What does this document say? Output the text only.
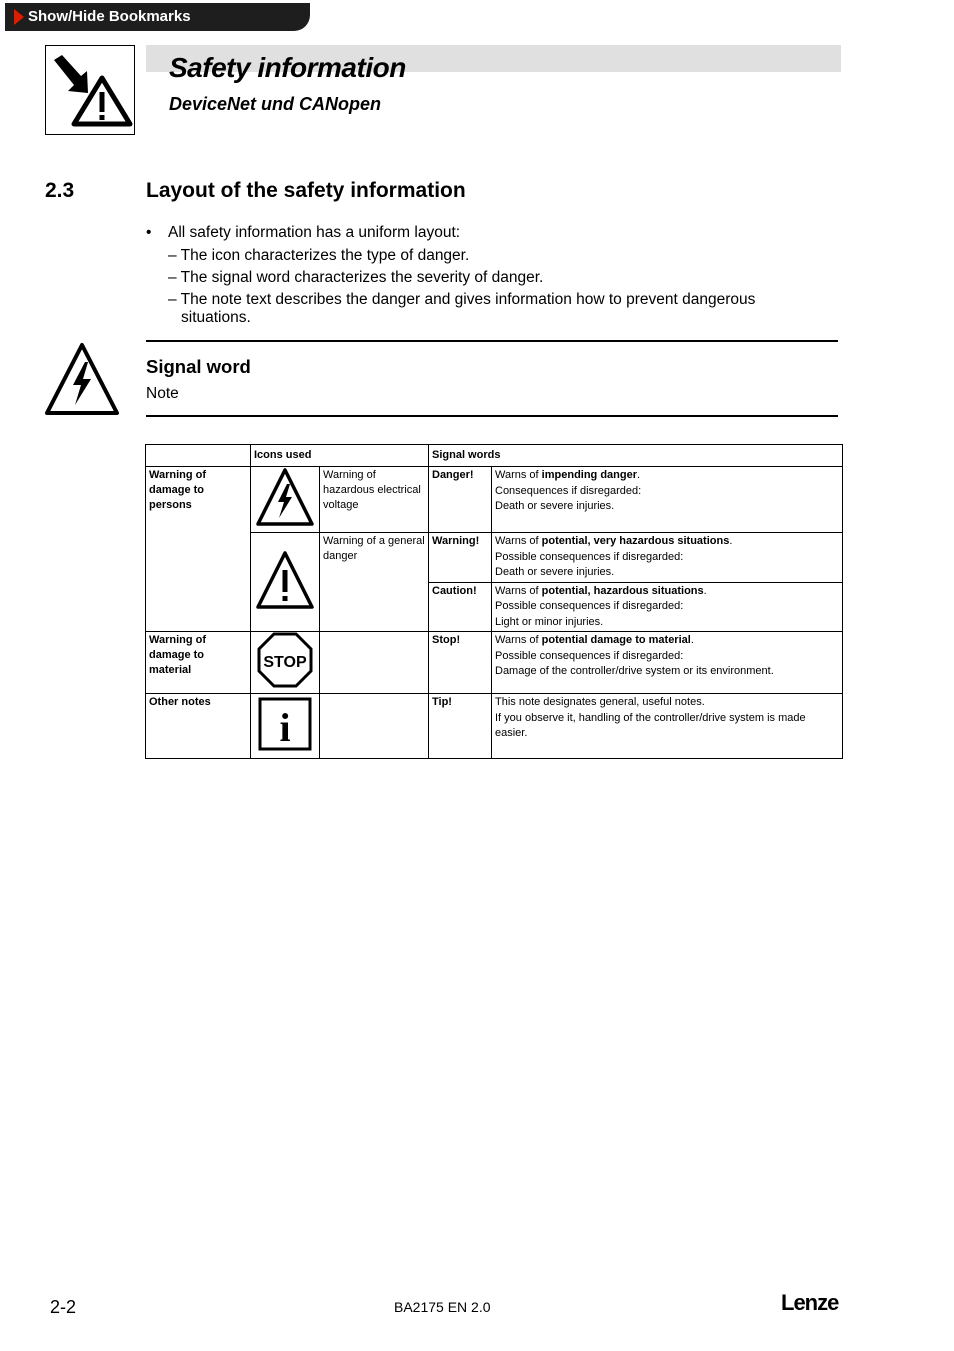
Show/Hide Bookmarks
Safety information
DeviceNet und CANopen
2.3	Layout of the safety information
• All safety information has a uniform layout:
– The icon characterizes the type of danger.
– The signal word characterizes the severity of danger.
– The note text describes the danger and gives information how to prevent dangerous
situations.
Signal word
Note
	Icons used		Signal words	
Warning of damage to persons		Warning of hazardous electrical voltage	Danger!	Warns of impending danger.
Consequences if disregarded:
Death or severe injuries.

	Warning of a general danger	Warning!	Warns of potential, very hazardous situations.
Possible consequences if disregarded:
Death or severe injuries.

			Caution!	Warns of potential, hazardous situations.
Possible consequences if disregarded:
Light or minor injuries.

Warning of damage to material	STOP		Stop!	Warns of potential damage to material.
Possible consequences if disregarded:
Damage of the controller/drive system or its environment.

Other notes	i		Tip!	This note designates general, useful notes.
If you observe it, handling of the controller/drive system is made easier.
2-2	BA2175 EN 2.0	Lenze
